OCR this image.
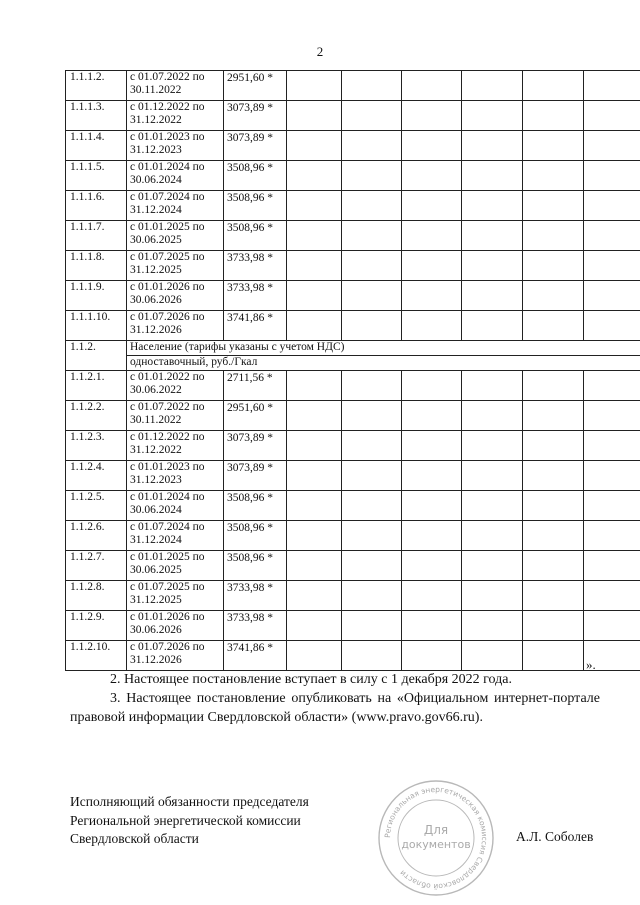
2
1.1.1.2.	с 01.07.2022 по 30.11.2022	2951,60 *						
1.1.1.3.	с 01.12.2022 по 31.12.2022	3073,89 *						
1.1.1.4.	с 01.01.2023 по 31.12.2023	3073,89 *						
1.1.1.5.	с 01.01.2024 по 30.06.2024	3508,96 *						
1.1.1.6.	с 01.07.2024 по 31.12.2024	3508,96 *						
1.1.1.7.	с 01.01.2025 по 30.06.2025	3508,96 *						
1.1.1.8.	с 01.07.2025 по 31.12.2025	3733,98 *						
1.1.1.9.	с 01.01.2026 по 30.06.2026	3733,98 *						
1.1.1.10.	с 01.07.2026 по 31.12.2026	3741,86 *						
1.1.2.	Население (тарифы указаны с учетом НДС)							
	одноставочный, руб./Гкал							
1.1.2.1.	с 01.01.2022 по 30.06.2022	2711,56 *						
1.1.2.2.	с 01.07.2022 по 30.11.2022	2951,60 *						
1.1.2.3.	с 01.12.2022 по 31.12.2022	3073,89 *						
1.1.2.4.	с 01.01.2023 по 31.12.2023	3073,89 *						
1.1.2.5.	с 01.01.2024 по 30.06.2024	3508,96 *						
1.1.2.6.	с 01.07.2024 по 31.12.2024	3508,96 *						
1.1.2.7.	с 01.01.2025 по 30.06.2025	3508,96 *						
1.1.2.8.	с 01.07.2025 по 31.12.2025	3733,98 *						
1.1.2.9.	с 01.01.2026 по 30.06.2026	3733,98 *						
1.1.2.10.	с 01.07.2026 по 31.12.2026	3741,86 *						
».

2. Настоящее постановление вступает в силу с 1 декабря 2022 года.

3. Настоящее постановление опубликовать на «Официальном интернет-портале правовой информации Свердловской области» (www.pravo.gov66.ru).

Исполняющий обязанности председателя
Региональной энергетической комиссии
Свердловской области	Региональная энергетическая комиссия Свердловской области
Для
документов
А.Л. Соболев
